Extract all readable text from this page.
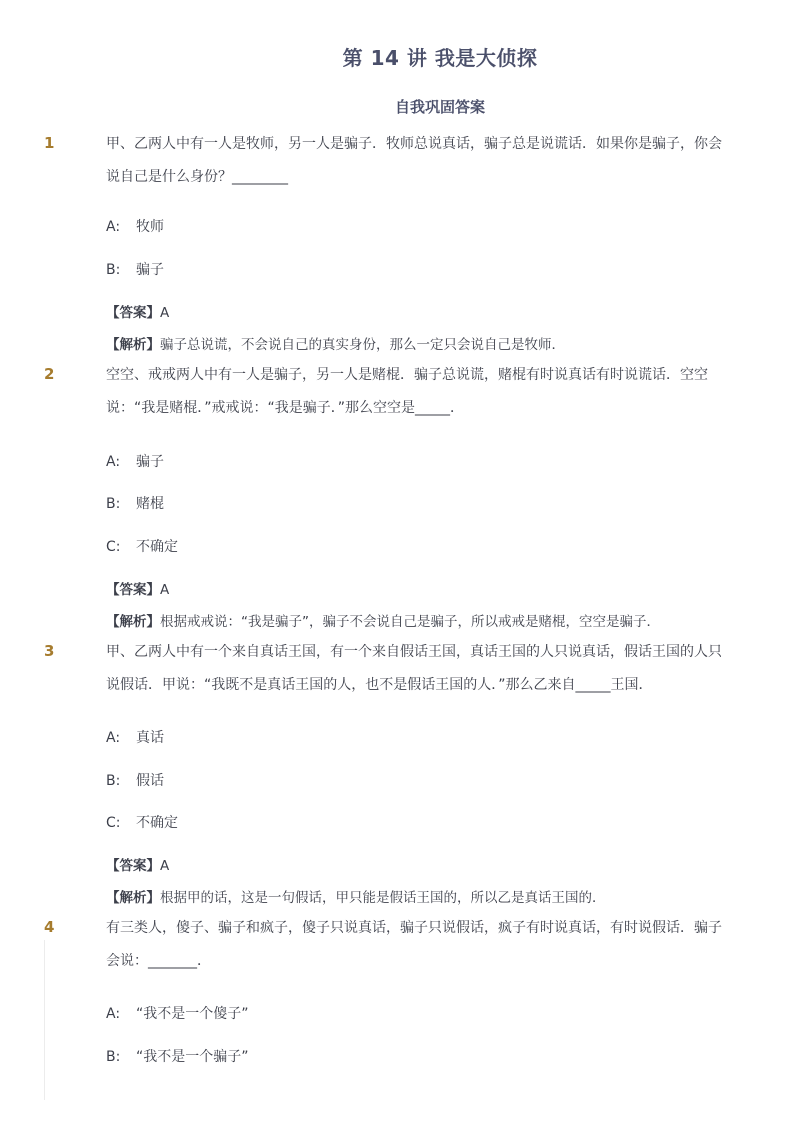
第 14 讲 我是大侦探
自我巩固答案
1	甲、乙两人中有一人是牧师，另一人是骗子．牧师总说真话，骗子总是说谎话．如果你是骗子，你会说自己是什么身份？________
A: 牧师
B: 骗子
【答案】A
【解析】骗子总说谎，不会说自己的真实身份，那么一定只会说自己是牧师．
2	空空、戒戒两人中有一人是骗子，另一人是赌棍．骗子总说谎，赌棍有时说真话有时说谎话．空空说：“我是赌棍．”戒戒说：“我是骗子．”那么空空是_____．
A: 骗子
B: 赌棍
C: 不确定
【答案】A
【解析】根据戒戒说：“我是骗子”，骗子不会说自己是骗子，所以戒戒是赌棍，空空是骗子．
3	甲、乙两人中有一个来自真话王国，有一个来自假话王国，真话王国的人只说真话，假话王国的人只说假话．甲说：“我既不是真话王国的人，也不是假话王国的人．”那么乙来自_____王国．
A: 真话
B: 假话
C: 不确定
【答案】A
【解析】根据甲的话，这是一句假话，甲只能是假话王国的，所以乙是真话王国的．
4	有三类人，傻子、骗子和疯子，傻子只说真话，骗子只说假话，疯子有时说真话，有时说假话．骗子会说：_______．
A: “我不是一个傻子”
B: “我不是一个骗子”
